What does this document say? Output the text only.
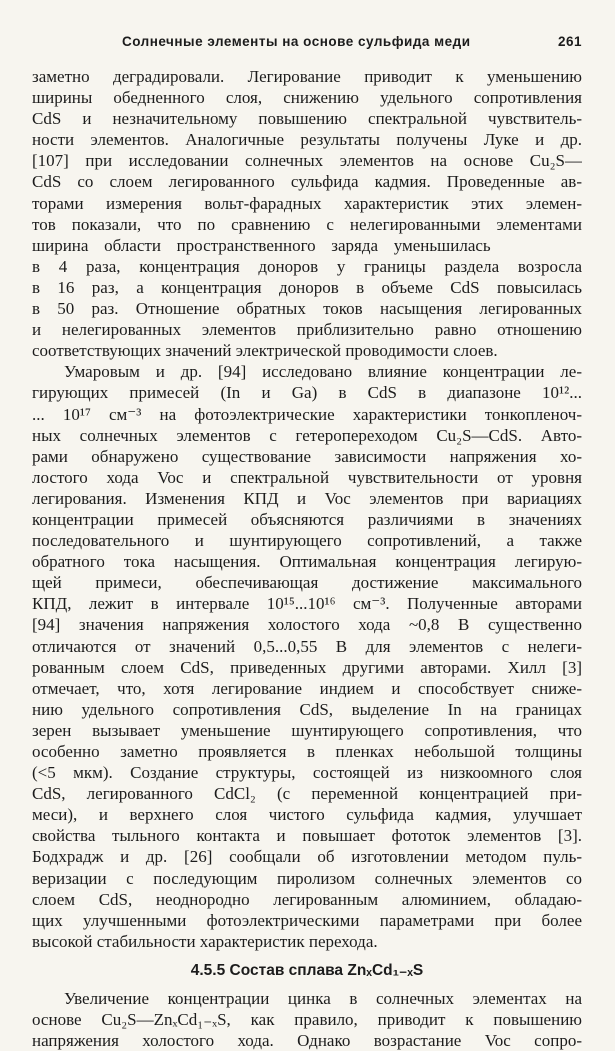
Солнечные элементы на основе сульфида меди	261
заметно деградировали. Легирование приводит к уменьшению
ширины обедненного слоя, снижению удельного сопротивления
CdS и незначительному повышению спектральной чувствитель-
ности элементов. Аналогичные результаты получены Луке и др.
[107] при исследовании солнечных элементов на основе Cu₂S—
CdS со слоем легированного сульфида кадмия. Проведенные ав-
торами измерения вольт-фарадных характеристик этих элемен-
тов показали, что по сравнению с нелегированными элементами
ширина области пространственного заряда уменьшилась
в 4 раза, концентрация доноров у границы раздела возросла
в 16 раз, а концентрация доноров в объеме CdS повысилась
в 50 раз. Отношение обратных токов насыщения легированных
и нелегированных элементов приблизительно равно отношению
соответствующих значений электрической проводимости слоев.
Умаровым и др. [94] исследовано влияние концентрации ле-
гирующих примесей (In и Ga) в CdS в диапазоне 10¹²...
... 10¹⁷ см⁻³ на фотоэлектрические характеристики тонкопленоч-
ных солнечных элементов с гетеропереходом Cu₂S—CdS. Авто-
рами обнаружено существование зависимости напряжения хо-
лостого хода Voc и спектральной чувствительности от уровня
легирования. Изменения КПД и Voc элементов при вариациях
концентрации примесей объясняются различиями в значениях
последовательного и шунтирующего сопротивлений, а также
обратного тока насыщения. Оптимальная концентрация легирую-
щей примеси, обеспечивающая достижение максимального
КПД, лежит в интервале 10¹⁵...10¹⁶ см⁻³. Полученные авторами
[94] значения напряжения холостого хода ~0,8 В существенно
отличаются от значений 0,5...0,55 В для элементов с нелеги-
рованным слоем CdS, приведенных другими авторами. Хилл [3]
отмечает, что, хотя легирование индием и способствует сниже-
нию удельного сопротивления CdS, выделение In на границах
зерен вызывает уменьшение шунтирующего сопротивления, что
особенно заметно проявляется в пленках небольшой толщины
(<5 мкм). Создание структуры, состоящей из низкоомного слоя
CdS, легированного CdCl₂ (с переменной концентрацией при-
меси), и верхнего слоя чистого сульфида кадмия, улучшает
свойства тыльного контакта и повышает фототок элементов [3].
Бодхрадж и др. [26] сообщали об изготовлении методом пуль-
веризации с последующим пиролизом солнечных элементов со
слоем CdS, неоднородно легированным алюминием, обладаю-
щих улучшенными фотоэлектрическими параметрами при более
высокой стабильности характеристик перехода.
4.5.5 Состав сплава ZnₓCd₁₋ₓS
Увеличение концентрации цинка в солнечных элементах на
основе Cu₂S—ZnₓCd₁₋ₓS, как правило, приводит к повышению
напряжения холостого хода. Однако возрастание Voc сопро-
